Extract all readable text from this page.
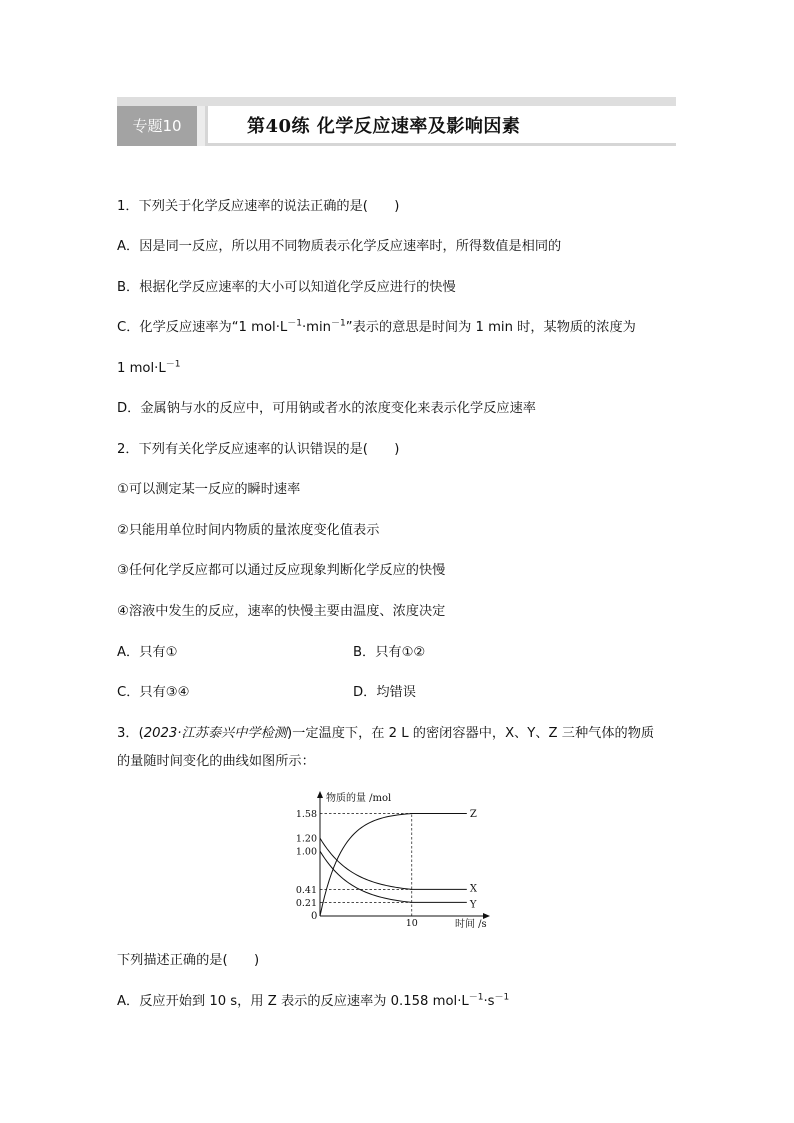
专题10	第40练 化学反应速率及影响因素
1．下列关于化学反应速率的说法正确的是(　　)
A．因是同一反应，所以用不同物质表示化学反应速率时，所得数值是相同的
B．根据化学反应速率的大小可以知道化学反应进行的快慢
C．化学反应速率为“1 $mol\cdot L^{-1}\cdot\min^{-1}$”表示的意思是时间为 1 min 时，某物质的浓度为
1 $mol\cdot L^{-1}$
D．金属钠与水的反应中，可用钠或者水的浓度变化来表示化学反应速率
2．下列有关化学反应速率的认识错误的是(　　)
①可以测定某一反应的瞬时速率
②只能用单位时间内物质的量浓度变化值表示
③任何化学反应都可以通过反应现象判断化学反应的快慢
④溶液中发生的反应，速率的快慢主要由温度、浓度决定
A．只有①	B．只有①②
C．只有③④	D．均错误
3．(2023·江苏泰兴中学检测)一定温度下，在 2 L 的密闭容器中，X、Y、Z 三种气体的物质
的量随时间变化的曲线如图所示：
物质的量 /mol
时间 /s
0
1.58
1.20
1.00
0.41
0.21
10
Z
X
Y
下列描述正确的是(　　)
A．反应开始到 10 s，用 Z 表示的反应速率为 0.158 $mol\cdot L^{-1}\cdot s^{-1}$
